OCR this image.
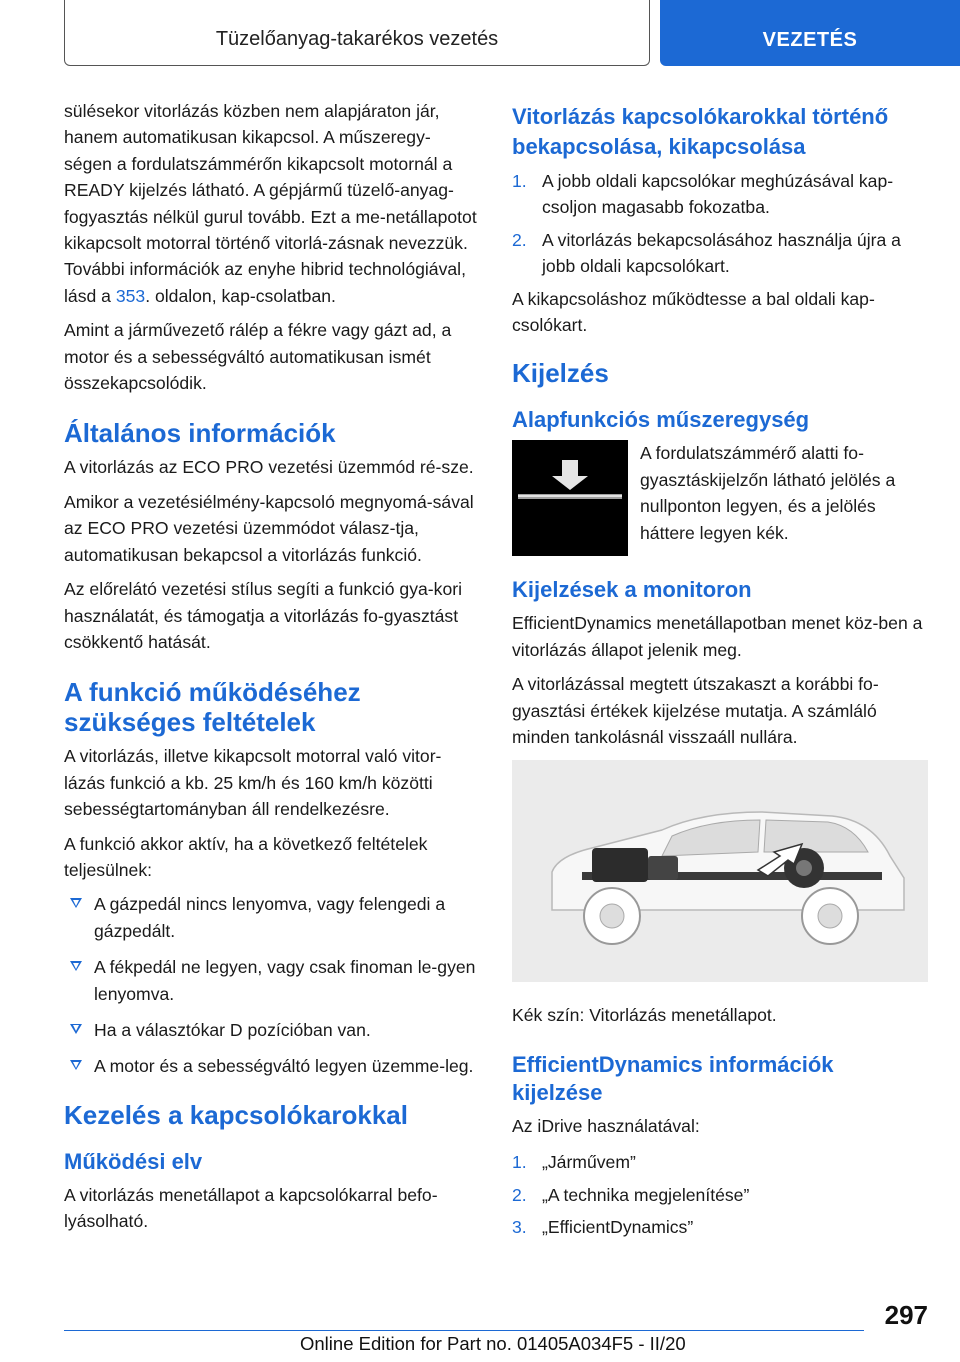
Tüzelőanyag-takarékos vezetés	VEZETÉS

sülésekor vitorlázás közben nem alapjáraton jár, hanem automatikusan kikapcsol. A műszeregy-ségen a fordulatszámmérőn kikapcsolt motornál a READY kijelzés látható. A gépjármű tüzelő-anyag-fogyasztás nélkül gurul tovább. Ezt a me-netállapotot kikapcsolt motorral történő vitorlá-zásnak nevezzük. További információk az enyhe hibrid technológiával, lásd a 353. oldalon, kap-csolatban.

Amint a járművezető rálép a fékre vagy gázt ad, a motor és a sebességváltó automatikusan ismét összekapcsolódik.

Általános információk

A vitorlázás az ECO PRO vezetési üzemmód ré-sze.

Amikor a vezetésiélmény-kapcsoló megnyomá-sával az ECO PRO vezetési üzemmódot válasz-tja, automatikusan bekapcsol a vitorlázás funkció.

Az előrelátó vezetési stílus segíti a funkció gya-kori használatát, és támogatja a vitorlázás fo-gyasztást csökkentő hatását.

A funkció működéséhez szükséges feltételek

A vitorlázás, illetve kikapcsolt motorral való vitor-lázás funkció a kb. 25 km/h és 160 km/h közötti sebességtartományban áll rendelkezésre.

A funkció akkor aktív, ha a következő feltételek teljesülnek:

A gázpedál nincs lenyomva, vagy felengedi a gázpedált.
A fékpedál ne legyen, vagy csak finoman le-gyen lenyomva.
Ha a választókar D pozícióban van.
A motor és a sebességváltó legyen üzemme-leg.
Kezelés a kapcsolókarokkal
Működési elv

A vitorlázás menetállapot a kapcsolókarral befo-lyásolható.

Vitorlázás kapcsolókarokkal történő bekapcsolása, kikapcsolása
1. A jobb oldali kapcsolókar meghúzásával kap-csoljon magasabb fokozatba.
2. A vitorlázás bekapcsolásához használja újra a jobb oldali kapcsolókart.

A kikapcsoláshoz működtesse a bal oldali kap-csolókart.

Kijelzés
Alapfunkciós műszeregység

A fordulatszámmérő alatti fo-gyasztáskijelzőn látható jelölés a nullponton legyen, és a jelölés háttere legyen kék.

Kijelzések a monitoron

EfficientDynamics menetállapotban menet köz-ben a vitorlázás állapot jelenik meg.

A vitorlázással megtett útszakaszt a korábbi fo-gyasztási értékek kijelzése mutatja. A számláló minden tankolásnál visszaáll nullára.

Kék szín: Vitorlázás menetállapot.

EfficientDynamics információk kijelzése

Az iDrive használatával:

1. „Járművem”
2. „A technika megjelenítése”
3. „EfficientDynamics”
297
Online Edition for Part no. 01405A034F5 - II/20
